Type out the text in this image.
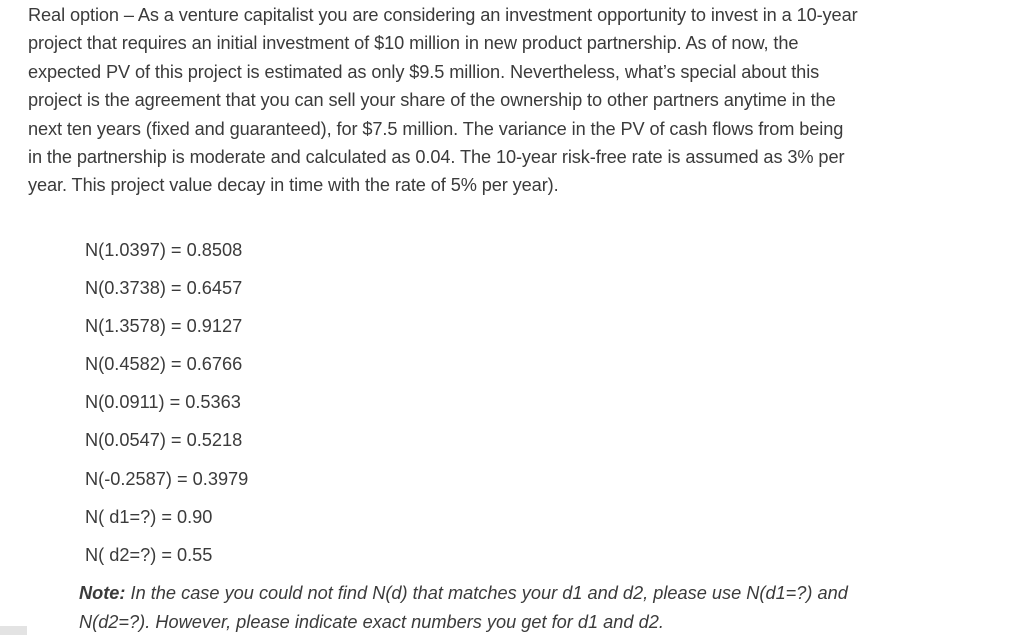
Real option – As a venture capitalist you are considering an investment opportunity to invest in a 10-year project that requires an initial investment of $10 million in new product partnership. As of now, the expected PV of this project is estimated as only $9.5 million. Nevertheless, what’s special about this project is the agreement that you can sell your share of the ownership to other partners anytime in the next ten years (fixed and guaranteed), for $7.5 million. The variance in the PV of cash flows from being in the partnership is moderate and calculated as 0.04. The 10-year risk-free rate is assumed as 3% per year. This project value decay in time with the rate of 5% per year).

N(1.0397) = 0.8508
N(0.3738) = 0.6457
N(1.3578) = 0.9127
N(0.4582) = 0.6766
N(0.0911) = 0.5363
N(0.0547) = 0.5218
N(-0.2587) = 0.3979
N( d1=?) = 0.90
N( d2=?) = 0.55

Note: In the case you could not find N(d) that matches your d1 and d2, please use N(d1=?) and N(d2=?). However, please indicate exact numbers you get for d1 and d2.
